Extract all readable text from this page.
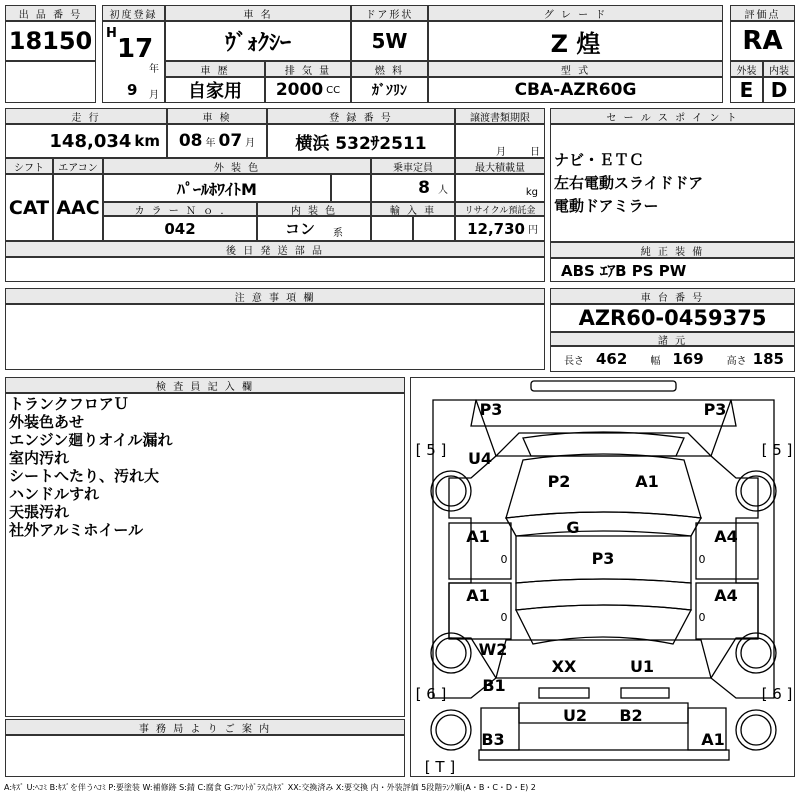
出 品 番 号
18150
初度登録
H
17
年
9 月
車 名
ｳﾞｫｸｼｰ
ドア形状
5W
グ レ ー ド
Z 煌
評価点
RA
車 歴
自家用
排 気 量
2000 CC
燃 料
ｶﾞｿﾘﾝ
型 式
CBA-AZR60G
外装
E
内装
D
走 行
148,034 km
車 検
08 年 07 月
登 録 番 号
横浜 532ｻ2511
譲渡書類期限
月 日
シフト
CAT
エアコン
AAC
外 装 色
ﾊﾟｰﾙﾎﾜｲﾄM
乗車定員
8 人
最大積載量
kg
カ ラ ー Ｎ ｏ .
042
内 装 色
コン 系
輸 入 車	リサイクル預託金
12,730 円
後 日 発 送 部 品
セ ー ル ス ポ イ ン ト
ナビ・ＥＴＣ
左右電動スライドドア
電動ドアミラー
純 正 装 備
ABS ｴｱB PS PW
注 意 事 項 欄	車 台 番 号
AZR60-0459375
諸 元
長さ 462 幅 169 高さ 185
検 査 員 記 入 欄
トランクフロアＵ
外装色あせ
エンジン廻りオイル漏れ
室内汚れ
シートへたり、汚れ大
ハンドルすれ
天張汚れ
社外アルミホイール
事 務 局 よ り ご 案 内
P3	P3
P2	A1
U4
G
P3
A1
A1
A4
A4
W2
B1
XX	U1
U2 B2
B3	A1
0
0
0
0
[ 5 ]	[ 5 ]
[ 6 ]	[ 6 ]
[ T ]
A:ｷｽﾞ U:ﾍｺﾐ B:ｷｽﾞを伴うﾍｺﾐ P:要塗装 W:補修跡 S:錆 C:腐食 G:ﾌﾛﾝﾄｶﾞﾗｽ点ｷｽﾞ XX:交換済み X:要交換 内・外装評価 5段階ﾗﾝｸ順(A・B・C・D・E) 2
